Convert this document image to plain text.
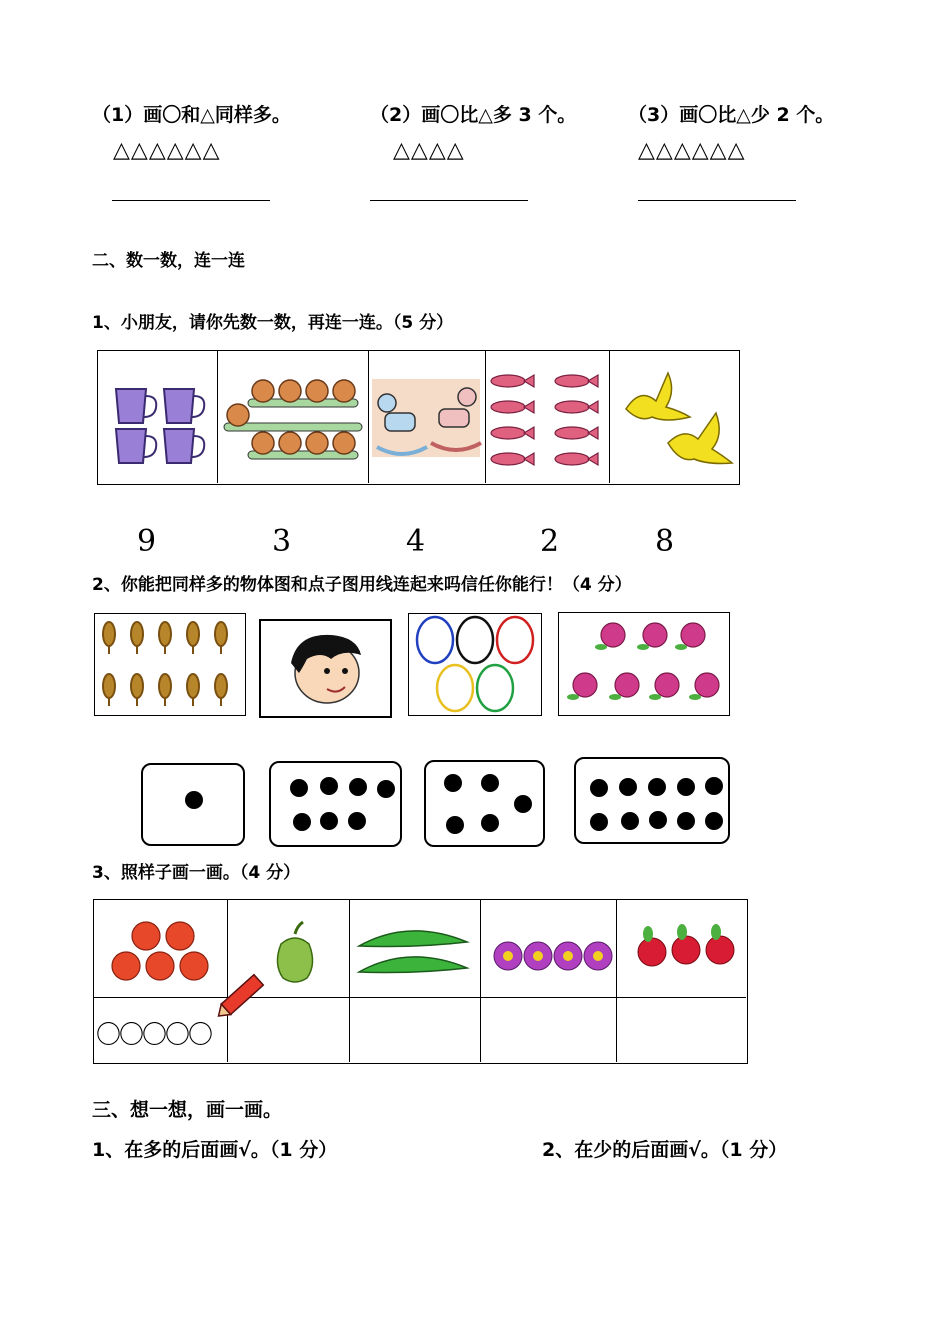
（1）画〇和△同样多。	（2）画〇比△多 3 个。	（3）画〇比△少 2 个。
△△△△△△	△△△△	△△△△△△
二、数一数，连一连
1、小朋友，请你先数一数，再连一连。（5 分）
9	3	4	2	8
2、你能把同样多的物体图和点子图用线连起来吗信任你能行！（4 分）
3、照样子画一画。（4 分）
〇〇〇〇〇
三、想一想，画一画。
1、在多的后面画√。（1 分）	2、在少的后面画√。（1 分）
